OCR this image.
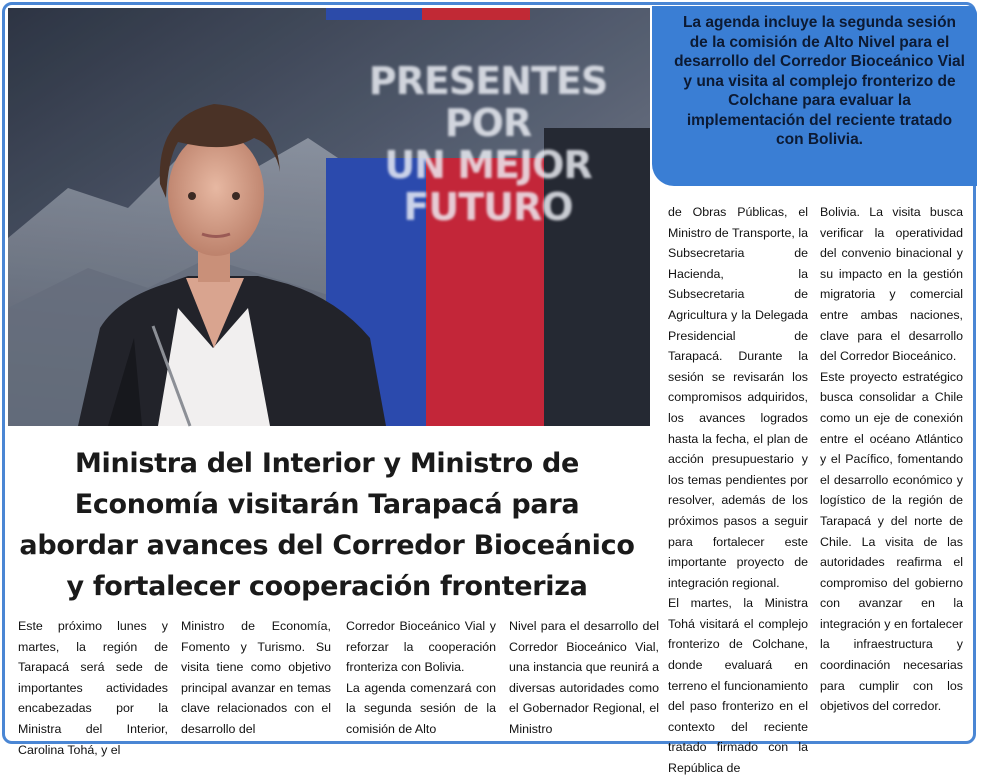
PRESENTES POR
UN MEJOR FUTURO
La agenda incluye la segunda sesión de la comisión de Alto Nivel para el desarrollo del Corredor Bioceánico Vial y una visita al complejo fronterizo de Colchane para evaluar la implementación del reciente tratado con Bolivia.
Ministra del Interior y Ministro de
Economía visitarán Tarapacá para
abordar avances del Corredor Bioceánico
y fortalecer cooperación fronteriza

Este próximo lunes y martes, la región de Tarapacá será sede de importantes actividades encabezadas por la Ministra del Interior, Carolina Tohá, y el

Ministro de Economía, Fomento y Turismo. Su visita tiene como objetivo principal avanzar en temas clave relacionados con el desarrollo del

Corredor Bioceánico Vial y reforzar la cooperación fronteriza con Bolivia.

La agenda comenzará con la segunda sesión de la comisión de Alto

Nivel para el desarrollo del Corredor Bioceánico Vial, una instancia que reunirá a diversas autoridades como el Gobernador Regional, el Ministro

de Obras Públicas, el Ministro de Transporte, la Subsecretaria de Hacienda, la Subsecretaria de Agricultura y la Delegada Presidencial de Tarapacá. Durante la sesión se revisarán los compromisos adquiridos, los avances logrados hasta la fecha, el plan de acción presupuestario y los temas pendientes por resolver, además de los próximos pasos a seguir para fortalecer este importante proyecto de integración regional.

El martes, la Ministra Tohá visitará el complejo fronterizo de Colchane, donde evaluará en terreno el funcionamiento del paso fronterizo en el contexto del reciente tratado firmado con la República de

Bolivia. La visita busca verificar la operatividad del convenio binacional y su impacto en la gestión migratoria y comercial entre ambas naciones, clave para el desarrollo del Corredor Bioceánico.

Este proyecto estratégico busca consolidar a Chile como un eje de conexión entre el océano Atlántico y el Pacífico, fomentando el desarrollo económico y logístico de la región de Tarapacá y del norte de Chile. La visita de las autoridades reafirma el compromiso del gobierno con avanzar en la integración y en fortalecer la infraestructura y coordinación necesarias para cumplir con los objetivos del corredor.
